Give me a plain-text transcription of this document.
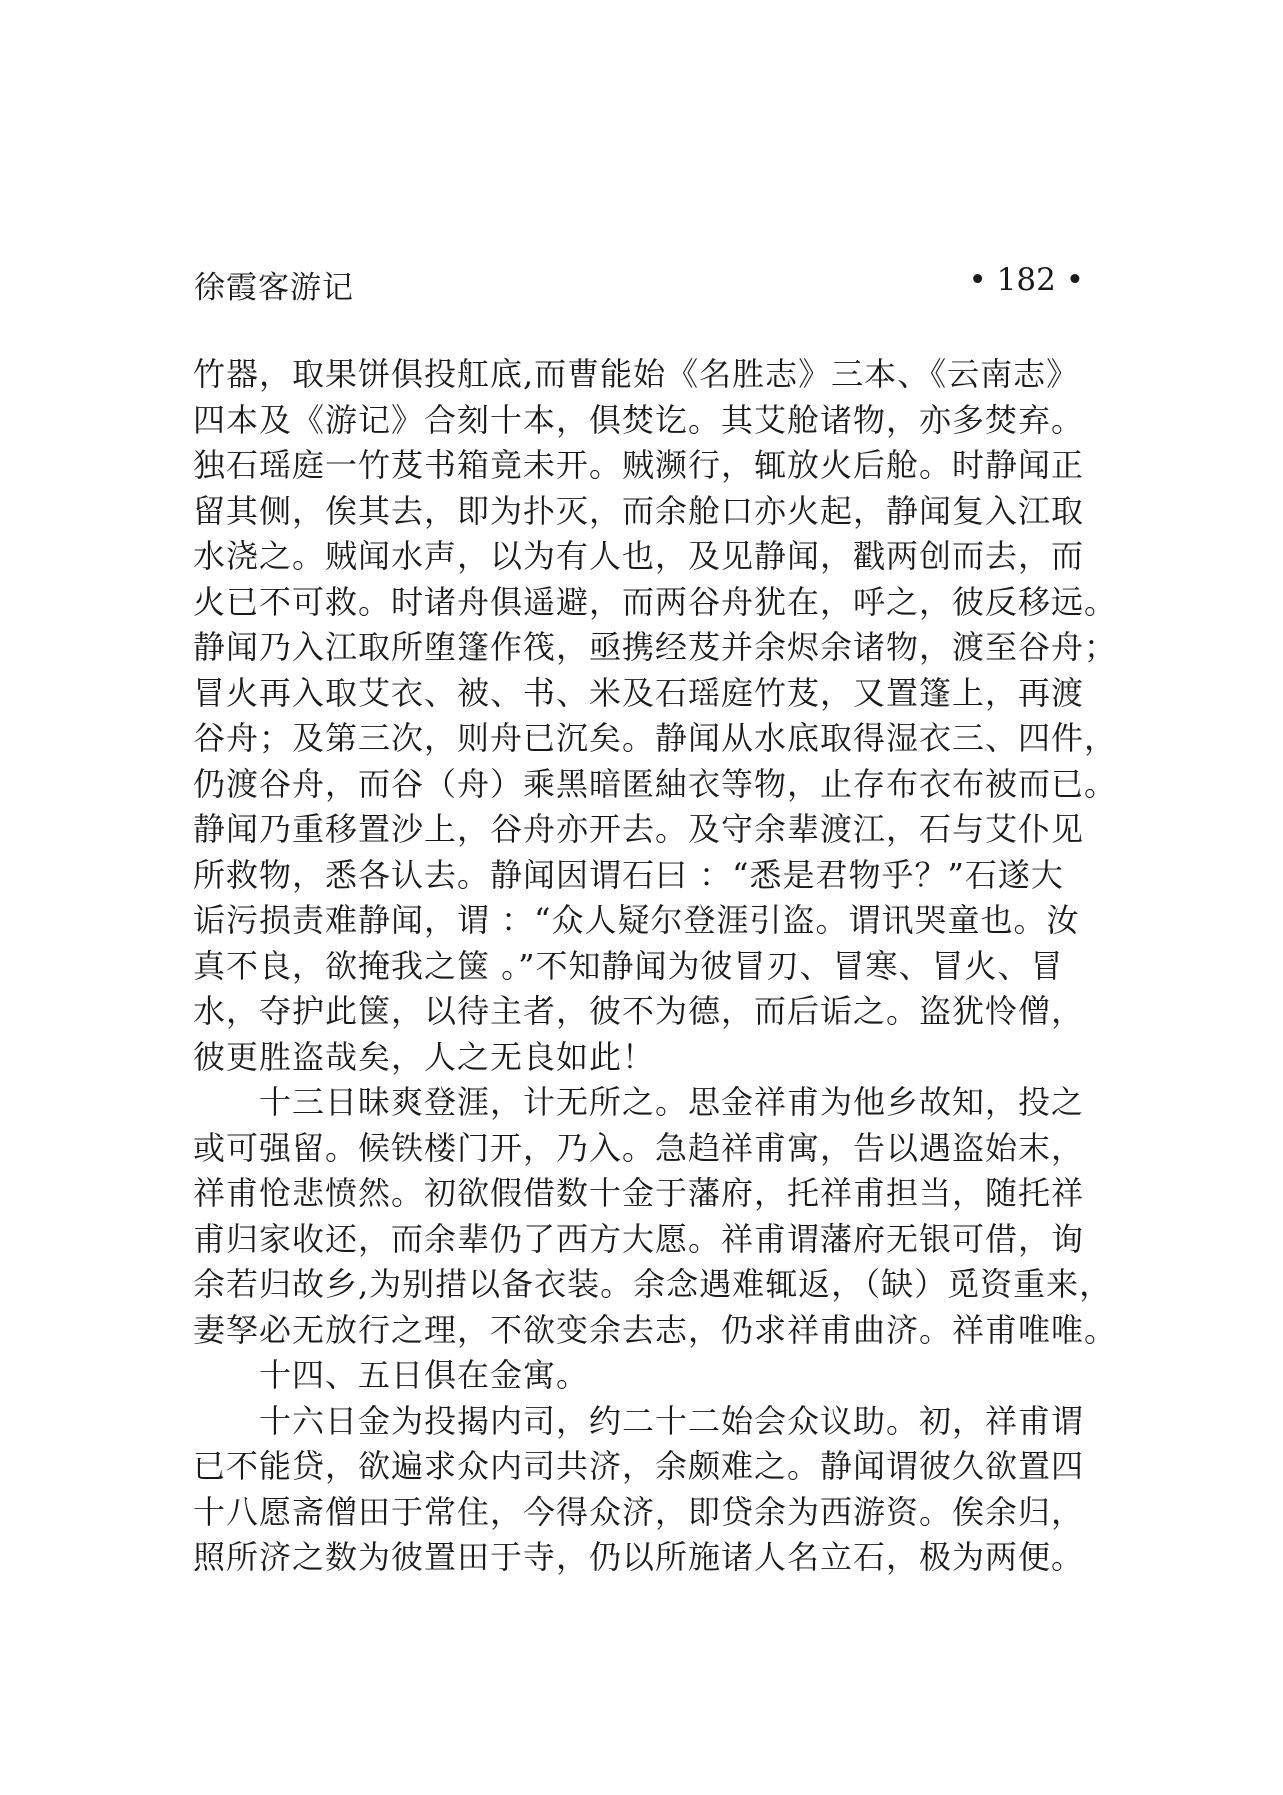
徐霞客游记	• 182 •
竹器，取果饼俱投舡底,而曹能始《名胜志》三本、《云南志》
四本及《游记》合刻十本，俱焚讫。其艾舱诸物，亦多焚弃。
独石瑶庭一竹芨书箱竟未开。贼濒行，辄放火后舱。时静闻正
留其侧，俟其去，即为扑灭，而余舱口亦火起，静闻复入江取
水浇之。贼闻水声，以为有人也，及见静闻，戳两创而去，而
火已不可救。时诸舟俱遥避，而两谷舟犹在，呼之，彼反移远。
静闻乃入江取所堕篷作筏，亟携经芨并余烬余诸物，渡至谷舟；
冒火再入取艾衣、被、书、米及石瑶庭竹芨，又置篷上，再渡
谷舟；及第三次，则舟已沉矣。静闻从水底取得湿衣三、四件，
仍渡谷舟，而谷（舟）乘黑暗匿紬衣等物，止存布衣布被而已。
静闻乃重移置沙上，谷舟亦开去。及守余辈渡江，石与艾仆见
所救物，悉各认去。静闻因谓石曰 ：“悉是君物乎？”石遂大
诟污损责难静闻，谓 ：“众人疑尔登涯引盗。谓讯哭童也。汝
真不良，欲掩我之箧 。”不知静闻为彼冒刃、冒寒、冒火、冒
水，夺护此箧，以待主者，彼不为德，而后诟之。盗犹怜僧，
彼更胜盗哉矣，人之无良如此！
　　十三日昧爽登涯，计无所之。思金祥甫为他乡故知，投之
或可强留。候铁楼门开，乃入。急趋祥甫寓，告以遇盗始末，
祥甫怆悲愤然。初欲假借数十金于藩府，托祥甫担当，随托祥
甫归家收还，而余辈仍了西方大愿。祥甫谓藩府无银可借，询
余若归故乡,为别措以备衣装。余念遇难辄返，（缺）觅资重来，
妻孥必无放行之理，不欲变余去志，仍求祥甫曲济。祥甫唯唯。
　　十四、五日俱在金寓。
　　十六日金为投揭内司，约二十二始会众议助。初，祥甫谓
已不能贷，欲遍求众内司共济，余颇难之。静闻谓彼久欲置四
十八愿斋僧田于常住，今得众济，即贷余为西游资。俟余归，
照所济之数为彼置田于寺，仍以所施诸人名立石，极为两便。
